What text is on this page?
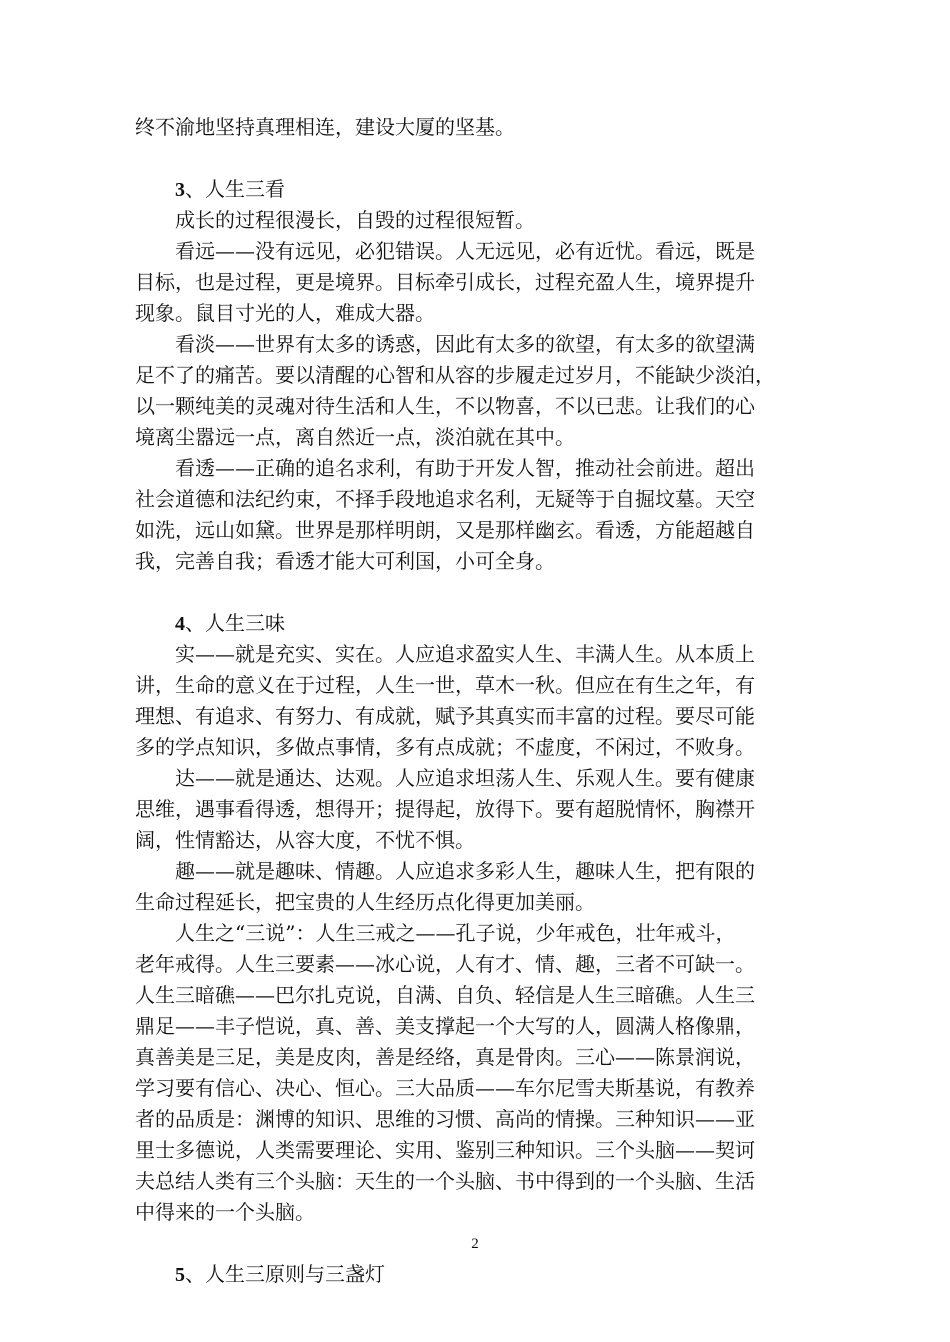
终不渝地坚持真理相连，建设大厦的坚基。
3、人生三看
成长的过程很漫长，自毁的过程很短暂。
看远——没有远见，必犯错误。人无远见，必有近忧。看远，既是
目标，也是过程，更是境界。目标牵引成长，过程充盈人生，境界提升
现象。鼠目寸光的人，难成大器。
看淡——世界有太多的诱惑，因此有太多的欲望，有太多的欲望满
足不了的痛苦。要以清醒的心智和从容的步履走过岁月，不能缺少淡泊，
以一颗纯美的灵魂对待生活和人生，不以物喜，不以已悲。让我们的心
境离尘嚣远一点，离自然近一点，淡泊就在其中。
看透——正确的追名求利，有助于开发人智，推动社会前进。超出
社会道德和法纪约束，不择手段地追求名利，无疑等于自掘坟墓。天空
如洗，远山如黛。世界是那样明朗，又是那样幽玄。看透，方能超越自
我，完善自我；看透才能大可利国，小可全身。
4、人生三味
实——就是充实、实在。人应追求盈实人生、丰满人生。从本质上
讲，生命的意义在于过程，人生一世，草木一秋。但应在有生之年，有
理想、有追求、有努力、有成就，赋予其真实而丰富的过程。要尽可能
多的学点知识，多做点事情，多有点成就；不虚度，不闲过，不败身。
达——就是通达、达观。人应追求坦荡人生、乐观人生。要有健康
思维，遇事看得透，想得开；提得起，放得下。要有超脱情怀，胸襟开
阔，性情豁达，从容大度，不忧不惧。
趣——就是趣味、情趣。人应追求多彩人生，趣味人生，把有限的
生命过程延长，把宝贵的人生经历点化得更加美丽。
人生之“三说”：人生三戒之——孔子说，少年戒色，壮年戒斗，
老年戒得。人生三要素——冰心说，人有才、情、趣，三者不可缺一。
人生三暗礁——巴尔扎克说，自满、自负、轻信是人生三暗礁。人生三
鼎足——丰子恺说，真、善、美支撑起一个大写的人，圆满人格像鼎，
真善美是三足，美是皮肉，善是经络，真是骨肉。三心——陈景润说，
学习要有信心、决心、恒心。三大品质——车尔尼雪夫斯基说，有教养
者的品质是：渊博的知识、思维的习惯、高尚的情操。三种知识——亚
里士多德说，人类需要理论、实用、鉴别三种知识。三个头脑——契诃
夫总结人类有三个头脑：天生的一个头脑、书中得到的一个头脑、生活
中得来的一个头脑。
5、人生三原则与三盏灯
2
